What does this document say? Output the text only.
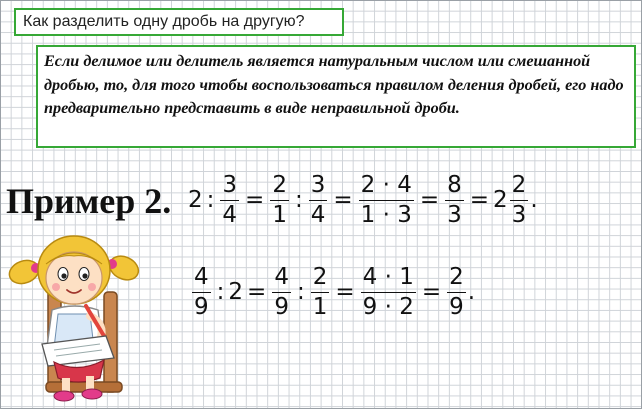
Как разделить одну дробь на другую?
Если делимое или делитель является натуральным числом или смешанной дробью, то, для того чтобы воспользоваться правилом деления дробей, его надо предварительно представить в виде неправильной дроби.
Пример 2. 2 : $\frac{3}{4} = \frac{2}{1}$ : $\frac{3}{4} = \frac{2 \cdot 4}{1 \cdot 3} = \frac{8}{3} = 2 \frac{2}{3}$ .
$\frac{4}{9}$ : $2 = \frac{4}{9}$ : $\frac{2}{1} = \frac{4 \cdot 1}{9 \cdot 2} = \frac{2}{9}$ .
